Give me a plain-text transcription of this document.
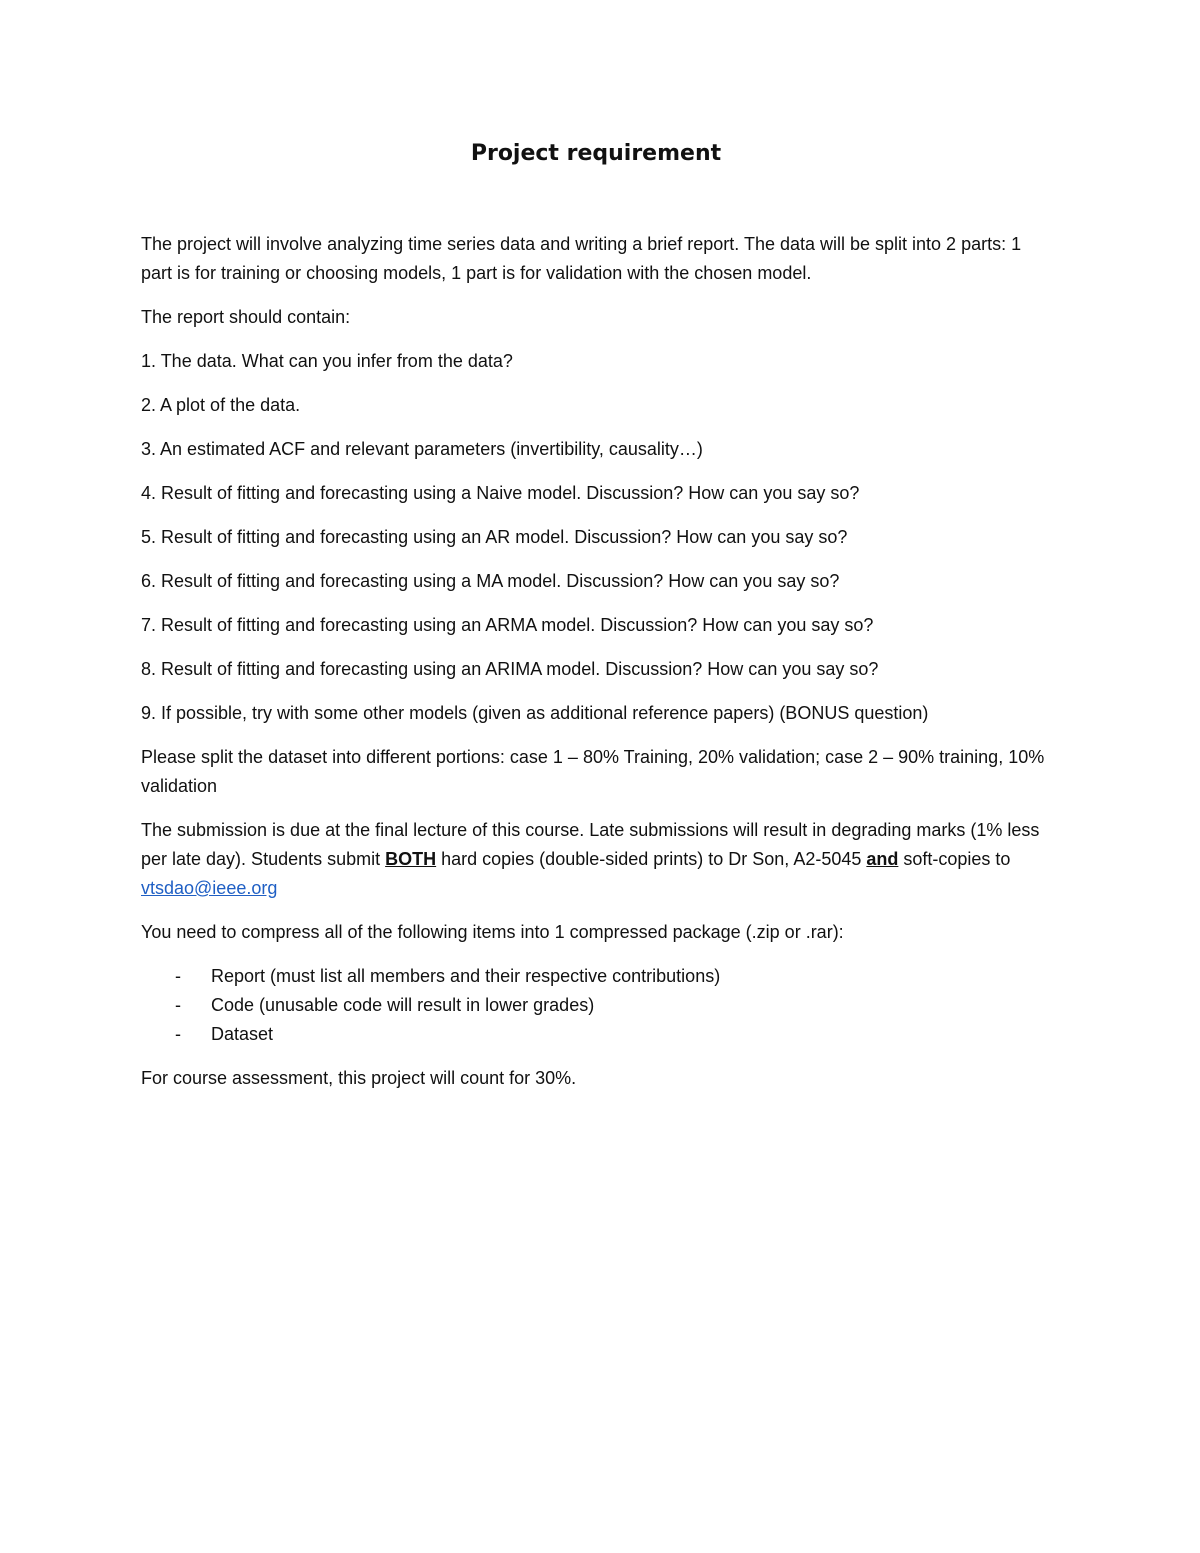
Project requirement

The project will involve analyzing time series data and writing a brief report. The data will be split into 2 parts: 1 part is for training or choosing models, 1 part is for validation with the chosen model.

The report should contain:

1. The data. What can you infer from the data?
2. A plot of the data.
3. An estimated ACF and relevant parameters (invertibility, causality…)
4. Result of fitting and forecasting using a Naive model. Discussion? How can you say so?
5. Result of fitting and forecasting using an AR model. Discussion? How can you say so?
6. Result of fitting and forecasting using a MA model. Discussion? How can you say so?
7. Result of fitting and forecasting using an ARMA model. Discussion? How can you say so?
8. Result of fitting and forecasting using an ARIMA model. Discussion? How can you say so?
9. If possible, try with some other models (given as additional reference papers) (BONUS question)

Please split the dataset into different portions: case 1 – 80% Training, 20% validation; case 2 – 90% training, 10% validation

The submission is due at the final lecture of this course. Late submissions will result in degrading marks (1% less per late day). Students submit BOTH hard copies (double-sided prints) to Dr Son, A2-5045 and soft-copies to vtsdao@ieee.org

You need to compress all of the following items into 1 compressed package (.zip or .rar):

- Report (must list all members and their respective contributions)
- Code (unusable code will result in lower grades)
- Dataset

For course assessment, this project will count for 30%.
